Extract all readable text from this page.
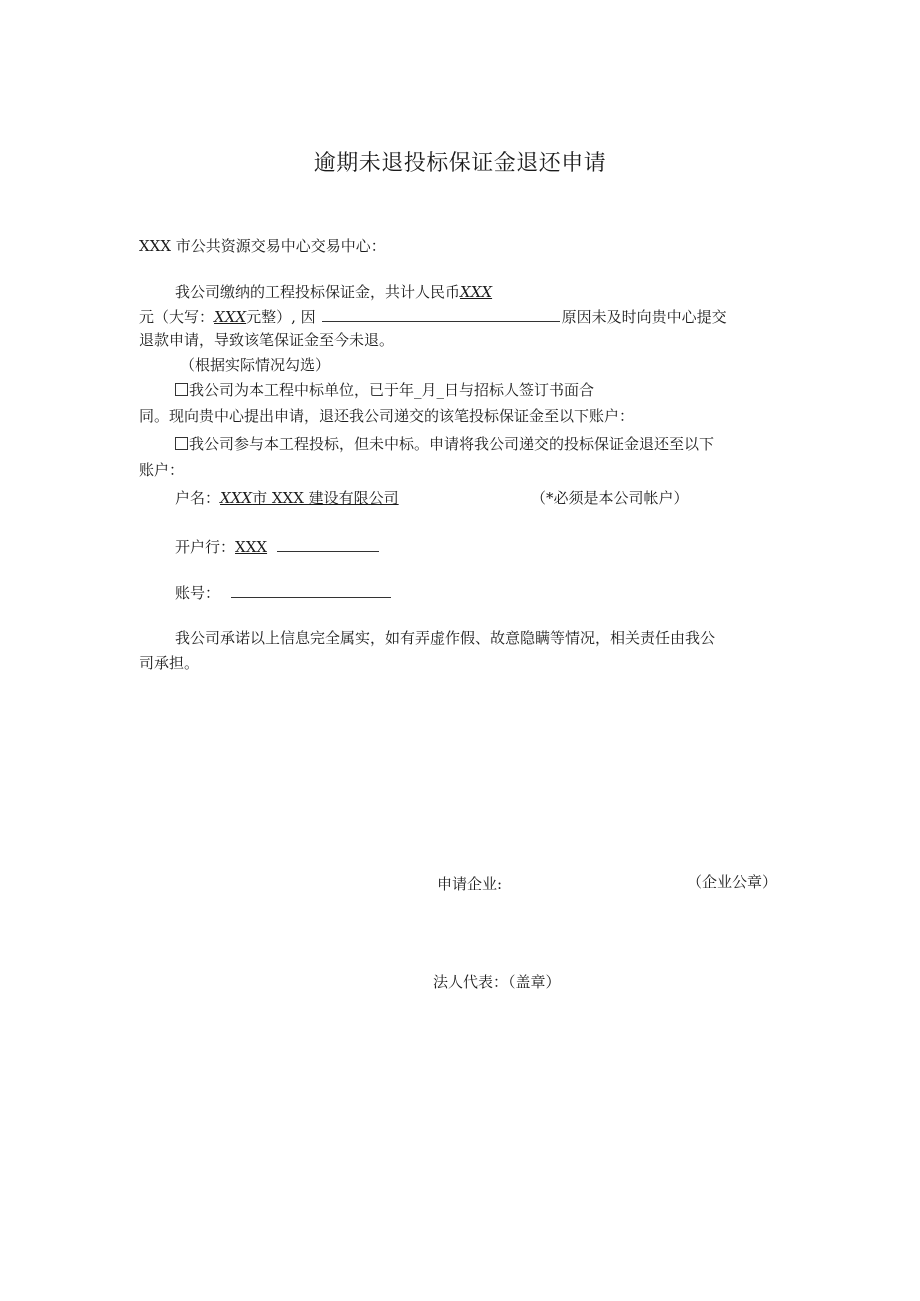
逾期未退投标保证金退还申请
XXX 市公共资源交易中心交易中心：
我公司缴纳的工程投标保证金，共计人民币XXX
元（大写：XXX元整）, 因	原因未及时向贵中心提交
退款申请，导致该笔保证金至今未退。
（根据实际情况勾选）
我公司为本工程中标单位，已于年_月_日与招标人签订书面合
同。现向贵中心提出申请，退还我公司递交的该笔投标保证金至以下账户：
我公司参与本工程投标，但未中标。申请将我公司递交的投标保证金退还至以下
账户：
户名：XXX市 XXX 建设有限公司	（*必须是本公司帐户）
开户行：XXX
账号：
我公司承诺以上信息完全属实，如有弄虚作假、故意隐瞒等情况，相关责任由我公
司承担。
申请企业:	（企业公章）
法人代表：（盖章）
